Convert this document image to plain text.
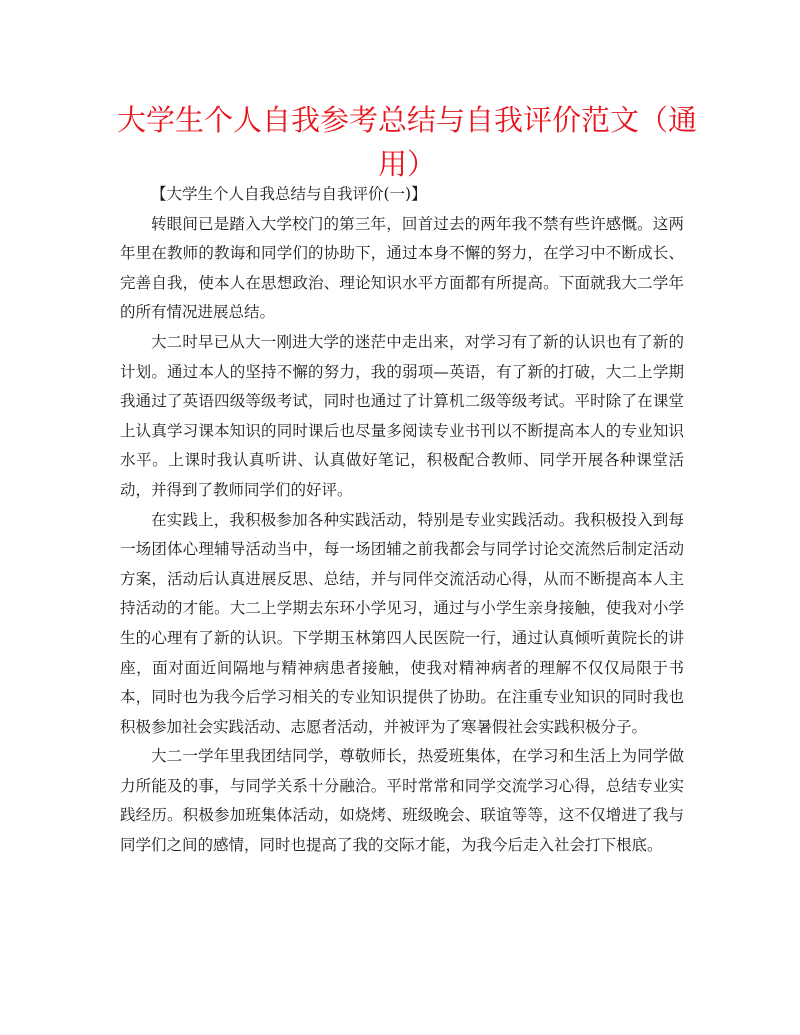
大学生个人自我参考总结与自我评价范文（通用）

【大学生个人自我总结与自我评价(一)】

转眼间已是踏入大学校门的第三年，回首过去的两年我不禁有些许感慨。这两年里在教师的教诲和同学们的协助下，通过本身不懈的努力，在学习中不断成长、完善自我，使本人在思想政治、理论知识水平方面都有所提高。下面就我大二学年的所有情况进展总结。

大二时早已从大一刚进大学的迷茫中走出来，对学习有了新的认识也有了新的计划。通过本人的坚持不懈的努力，我的弱项—英语，有了新的打破，大二上学期我通过了英语四级等级考试，同时也通过了计算机二级等级考试。平时除了在课堂上认真学习课本知识的同时课后也尽量多阅读专业书刊以不断提高本人的专业知识水平。上课时我认真听讲、认真做好笔记，积极配合教师、同学开展各种课堂活动，并得到了教师同学们的好评。

在实践上，我积极参加各种实践活动，特别是专业实践活动。我积极投入到每一场团体心理辅导活动当中，每一场团辅之前我都会与同学讨论交流然后制定活动方案，活动后认真进展反思、总结，并与同伴交流活动心得，从而不断提高本人主持活动的才能。大二上学期去东环小学见习，通过与小学生亲身接触，使我对小学生的心理有了新的认识。下学期玉林第四人民医院一行，通过认真倾听黄院长的讲座，面对面近间隔地与精神病患者接触，使我对精神病者的理解不仅仅局限于书本，同时也为我今后学习相关的专业知识提供了协助。在注重专业知识的同时我也积极参加社会实践活动、志愿者活动，并被评为了寒暑假社会实践积极分子。

大二一学年里我团结同学，尊敬师长，热爱班集体，在学习和生活上为同学做力所能及的事，与同学关系十分融洽。平时常常和同学交流学习心得，总结专业实践经历。积极参加班集体活动，如烧烤、班级晚会、联谊等等，这不仅增进了我与同学们之间的感情，同时也提高了我的交际才能，为我今后走入社会打下根底。
